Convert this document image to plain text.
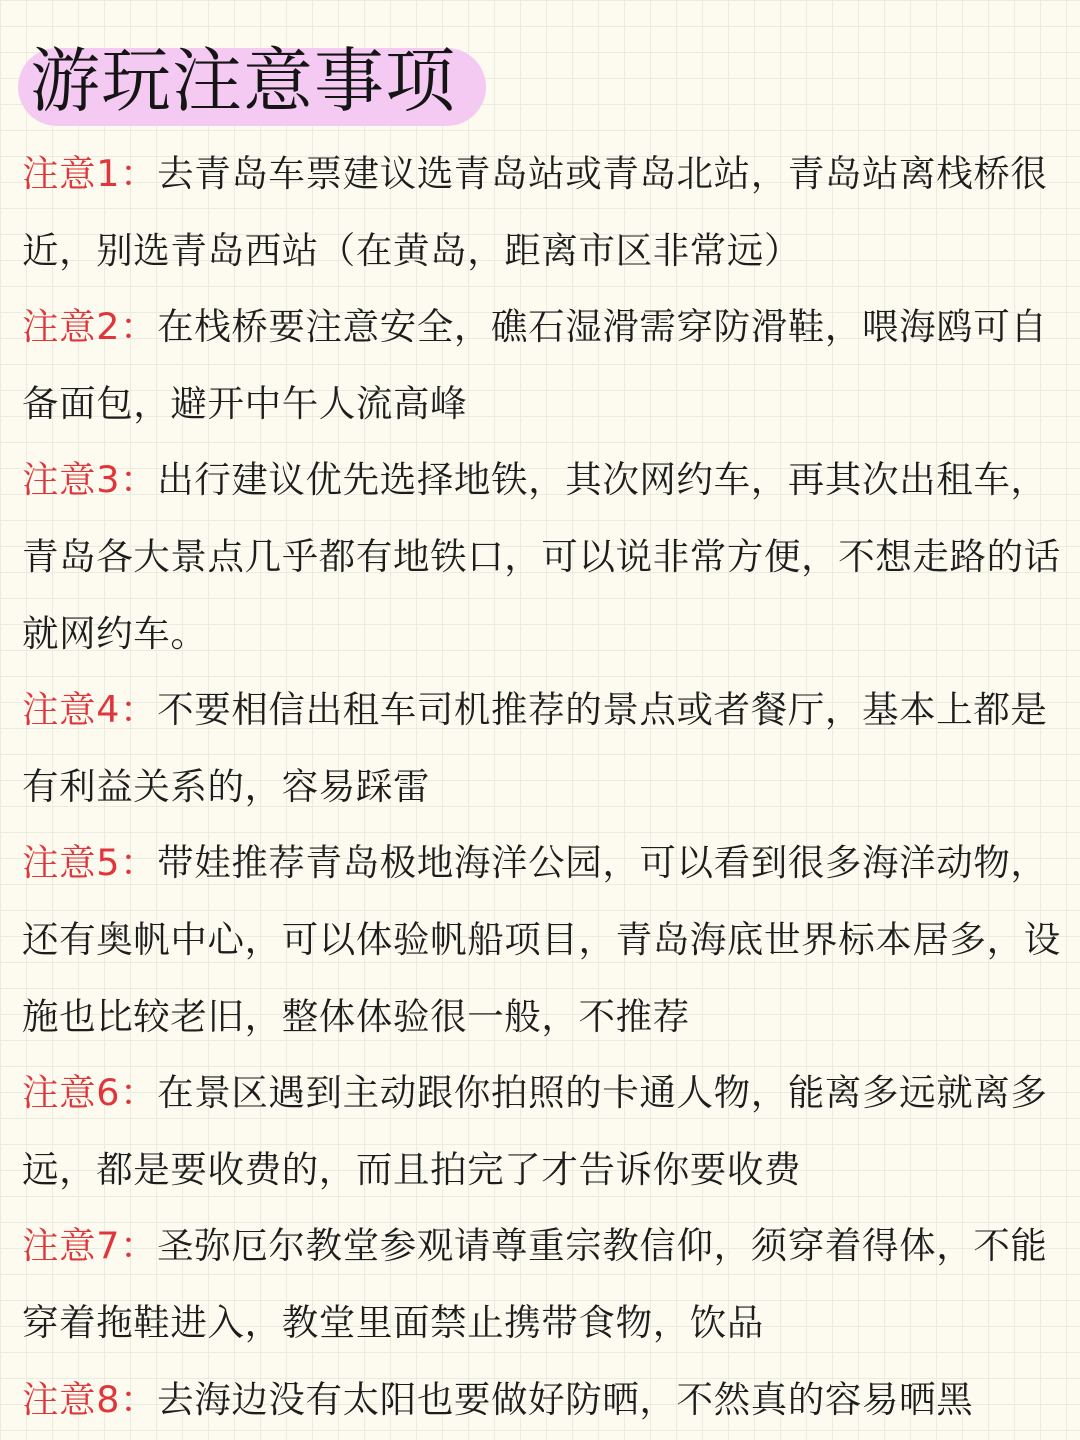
游玩注意事项

注意1：去青岛车票建议选青岛站或青岛北站，青岛站离栈桥很近，别选青岛西站（在黄岛，距离市区非常远）

注意2：在栈桥要注意安全，礁石湿滑需穿防滑鞋，喂海鸥可自备面包，避开中午人流高峰

注意3：出行建议优先选择地铁，其次网约车，再其次出租车，青岛各大景点几乎都有地铁口，可以说非常方便，不想走路的话就网约车。

注意4：不要相信出租车司机推荐的景点或者餐厅，基本上都是有利益关系的，容易踩雷

注意5：带娃推荐青岛极地海洋公园，可以看到很多海洋动物，还有奥帆中心，可以体验帆船项目，青岛海底世界标本居多，设施也比较老旧，整体体验很一般，不推荐

注意6：在景区遇到主动跟你拍照的卡通人物，能离多远就离多远，都是要收费的，而且拍完了才告诉你要收费

注意7：圣弥厄尔教堂参观请尊重宗教信仰，须穿着得体，不能穿着拖鞋进入，教堂里面禁止携带食物，饮品

注意8：去海边没有太阳也要做好防晒，不然真的容易晒黑
